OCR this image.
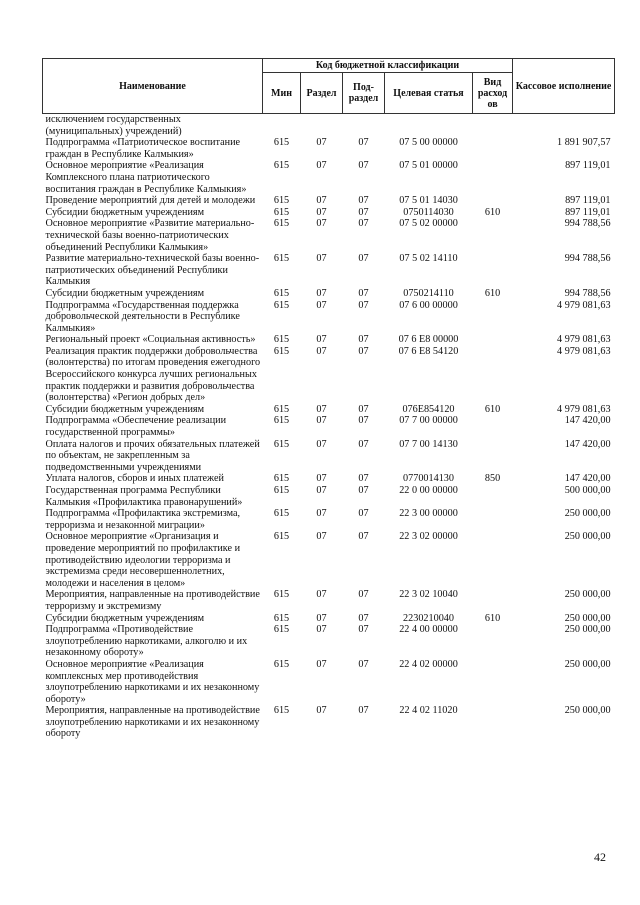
Наименование	Код бюджетной классификации					Кассовое исполнение
	Мин	Раздел	Под-раздел	Целевая статья	Вид расход ов	
исключением государственных (муниципальных) учреждений)						
Подпрограмма «Патриотическое воспитание граждан в Республике Калмыкия»	615	07	07	07 5 00 00000		1 891 907,57
Основное мероприятие «Реализация Комплексного плана патриотического воспитания граждан в Республике Калмыкия»	615	07	07	07 5 01 00000		897 119,01
Проведение мероприятий для детей и молодежи	615	07	07	07 5 01 14030		897 119,01
Субсидии бюджетным учреждениям	615	07	07	0750114030	610	897 119,01
Основное мероприятие «Развитие материально-технической базы военно-патриотических объединений Республики Калмыкия»	615	07	07	07 5 02 00000		994 788,56
Развитие материально-технической базы военно-патриотических объединений Республики Калмыкия	615	07	07	07 5 02 14110		994 788,56
Субсидии бюджетным учреждениям	615	07	07	0750214110	610	994 788,56
Подпрограмма «Государственная поддержка добровольческой деятельности в Республике Калмыкия»	615	07	07	07 6 00 00000		4 979 081,63
Региональный проект «Социальная активность»	615	07	07	07 6 E8 00000		4 979 081,63
Реализация практик поддержки добровольчества (волонтерства) по итогам проведения ежегодного Всероссийского конкурса лучших региональных практик поддержки и развития добровольчества (волонтерства) «Регион добрых дел»	615	07	07	07 6 E8 54120		4 979 081,63
Субсидии бюджетным учреждениям	615	07	07	076E854120	610	4 979 081,63
Подпрограмма «Обеспечение реализации государственной программы»	615	07	07	07 7 00 00000		147 420,00
Оплата налогов и прочих обязательных платежей по объектам, не закрепленным за подведомственными учреждениями	615	07	07	07 7 00 14130		147 420,00
Уплата налогов, сборов и иных платежей	615	07	07	0770014130	850	147 420,00
Государственная программа Республики Калмыкия «Профилактика правонарушений»	615	07	07	22 0 00 00000		500 000,00
Подпрограмма «Профилактика экстремизма, терроризма и незаконной миграции»	615	07	07	22 3 00 00000		250 000,00
Основное мероприятие «Организация и проведение мероприятий по профилактике и противодействию идеологии терроризма и экстремизма среди несовершеннолетних, молодежи и населения в целом»	615	07	07	22 3 02 00000		250 000,00
Мероприятия, направленные на противодействие терроризму и экстремизму	615	07	07	22 3 02 10040		250 000,00
Субсидии бюджетным учреждениям	615	07	07	2230210040	610	250 000,00
Подпрограмма «Противодействие злоупотреблению наркотиками, алкоголю и их незаконному обороту»	615	07	07	22 4 00 00000		250 000,00
Основное мероприятие «Реализация комплексных мер противодействия злоупотреблению наркотиками и их незаконному обороту»	615	07	07	22 4 02 00000		250 000,00
Мероприятия, направленные на противодействие злоупотреблению наркотиками и их незаконному обороту	615	07	07	22 4 02 11020		250 000,00
42
